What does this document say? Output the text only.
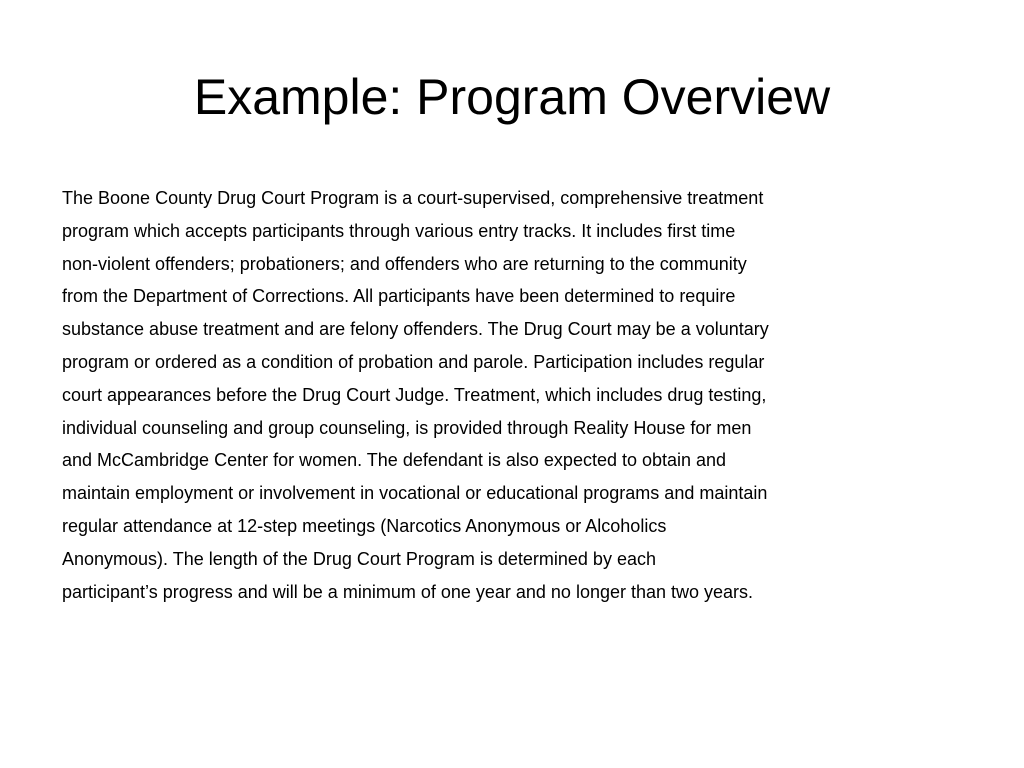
Example: Program Overview
The Boone County Drug Court Program is a court-supervised, comprehensive treatment
program which accepts participants through various entry tracks. It includes first time
non-violent offenders; probationers; and offenders who are returning to the community
from the Department of Corrections. All participants have been determined to require
substance abuse treatment and are felony offenders. The Drug Court may be a voluntary
program or ordered as a condition of probation and parole. Participation includes regular
court appearances before the Drug Court Judge. Treatment, which includes drug testing,
individual counseling and group counseling, is provided through Reality House for men
and McCambridge Center for women. The defendant is also expected to obtain and
maintain employment or involvement in vocational or educational programs and maintain
regular attendance at 12-step meetings (Narcotics Anonymous or Alcoholics
Anonymous). The length of the Drug Court Program is determined by each
participant’s progress and will be a minimum of one year and no longer than two years.
